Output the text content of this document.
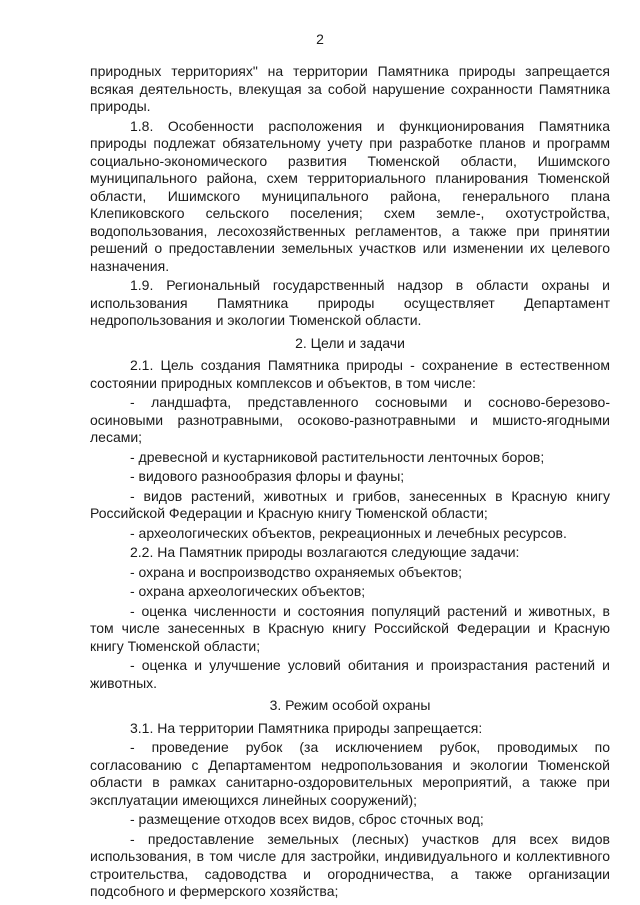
2

природных территориях" на территории Памятника природы запрещается всякая деятельность, влекущая за собой нарушение сохранности Памятника природы.

1.8. Особенности расположения и функционирования Памятника природы подлежат обязательному учету при разработке планов и программ социально-экономического развития Тюменской области, Ишимского муниципального района, схем территориального планирования Тюменской области, Ишимского муниципального района, генерального плана Клепиковского сельского поселения; схем земле-, охотустройства, водопользования, лесохозяйственных регламентов, а также при принятии решений о предоставлении земельных участков или изменении их целевого назначения.

1.9. Региональный государственный надзор в области охраны и использования Памятника природы осуществляет Департамент недропользования и экологии Тюменской области.

2. Цели и задачи

2.1. Цель создания Памятника природы - сохранение в естественном состоянии природных комплексов и объектов, в том числе:

- ландшафта, представленного сосновыми и сосново-березово-осиновыми разнотравными, осоково-разнотравными и мшисто-ягодными лесами;

- древесной и кустарниковой растительности ленточных боров;

- видового разнообразия флоры и фауны;

- видов растений, животных и грибов, занесенных в Красную книгу Российской Федерации и Красную книгу Тюменской области;

- археологических объектов, рекреационных и лечебных ресурсов.

2.2. На Памятник природы возлагаются следующие задачи:

- охрана и воспроизводство охраняемых объектов;

- охрана археологических объектов;

- оценка численности и состояния популяций растений и животных, в том числе занесенных в Красную книгу Российской Федерации и Красную книгу Тюменской области;

- оценка и улучшение условий обитания и произрастания растений и животных.

3. Режим особой охраны

3.1. На территории Памятника природы запрещается:

- проведение рубок (за исключением рубок, проводимых по согласованию с Департаментом недропользования и экологии Тюменской области в рамках санитарно-оздоровительных мероприятий, а также при эксплуатации имеющихся линейных сооружений);

- размещение отходов всех видов, сброс сточных вод;

- предоставление земельных (лесных) участков для всех видов использования, в том числе для застройки, индивидуального и коллективного строительства, садоводства и огородничества, а также организации подсобного и фермерского хозяйства;
